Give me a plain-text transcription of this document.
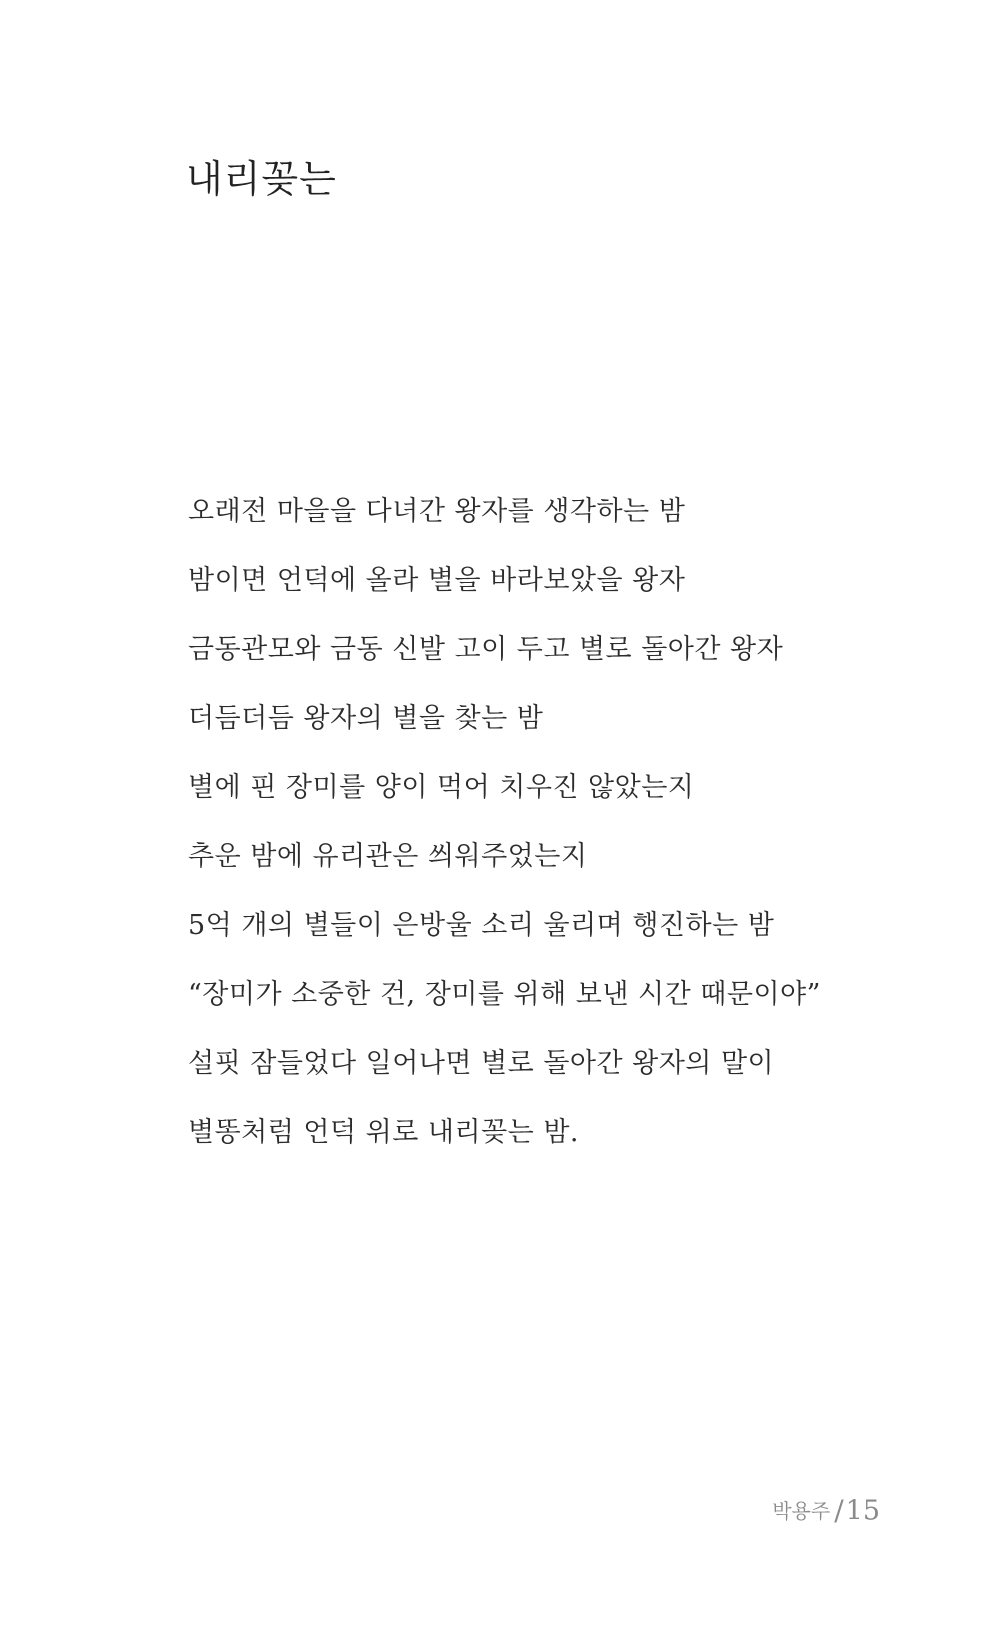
내리꽂는
오래전 마을을 다녀간 왕자를 생각하는 밤
밤이면 언덕에 올라 별을 바라보았을 왕자
금동관모와 금동 신발 고이 두고 별로 돌아간 왕자
더듬더듬 왕자의 별을 찾는 밤
별에 핀 장미를 양이 먹어 치우진 않았는지
추운 밤에 유리관은 씌워주었는지
5억 개의 별들이 은방울 소리 울리며 행진하는 밤
“장미가 소중한 건, 장미를 위해 보낸 시간 때문이야”
설핏 잠들었다 일어나면 별로 돌아간 왕자의 말이
별똥처럼 언덕 위로 내리꽂는 밤.
박용주 /15
